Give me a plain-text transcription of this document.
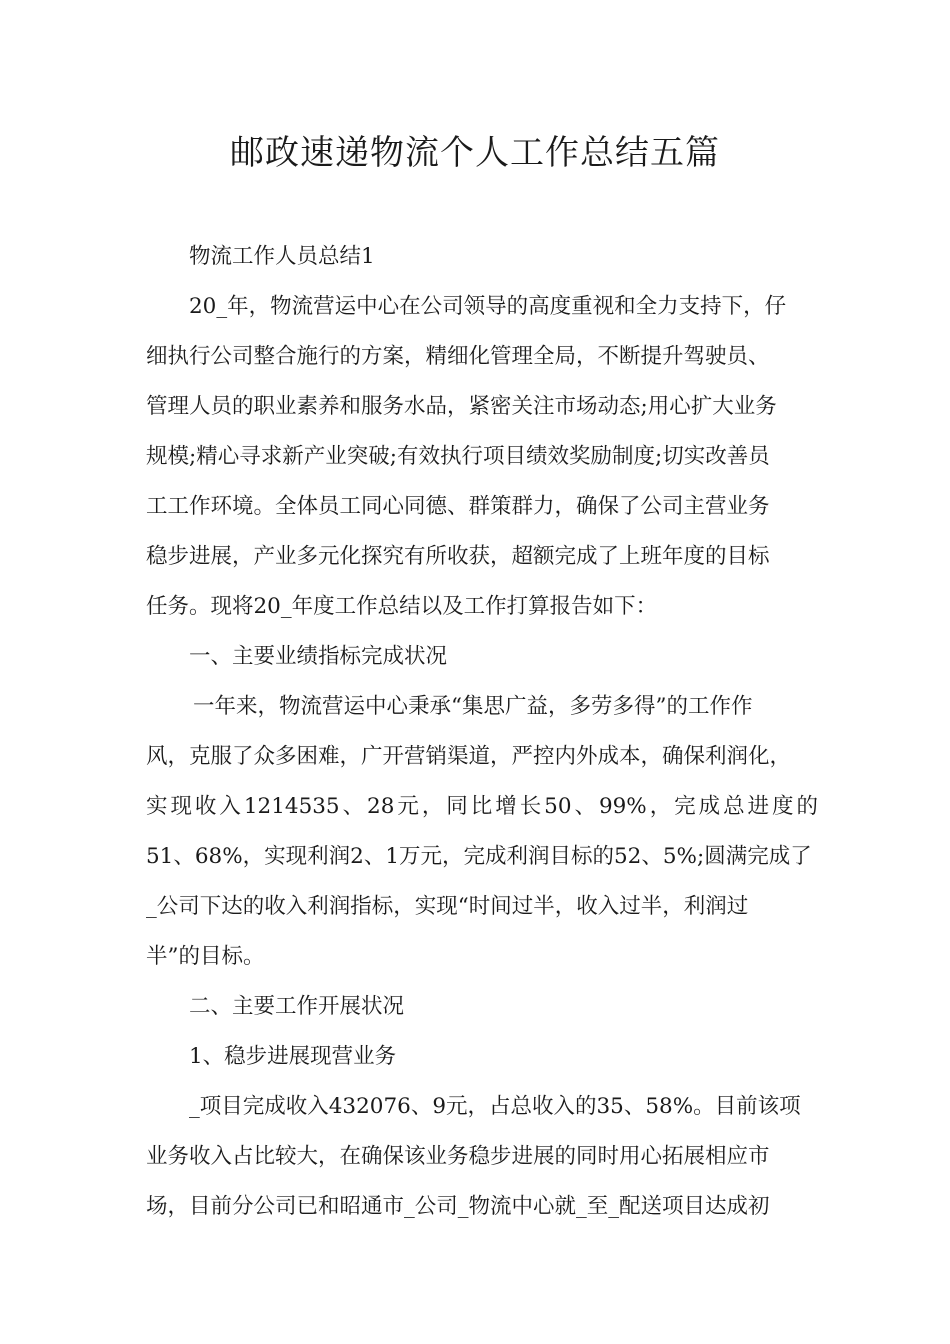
邮政速递物流个人工作总结五篇
物流工作人员总结1
20_年，物流营运中心在公司领导的高度重视和全力支持下，仔
细执行公司整合施行的方案，精细化管理全局，不断提升驾驶员、
管理人员的职业素养和服务水品，紧密关注市场动态;用心扩大业务
规模;精心寻求新产业突破;有效执行项目绩效奖励制度;切实改善员
工工作环境。全体员工同心同德、群策群力，确保了公司主营业务
稳步进展，产业多元化探究有所收获，超额完成了上班年度的目标
任务。现将20_年度工作总结以及工作打算报告如下：
一、主要业绩指标完成状况
一年来，物流营运中心秉承“集思广益，多劳多得”的工作作
风，克服了众多困难，广开营销渠道，严控内外成本，确保利润化，
实现收入1214535、28元，同比增长50、99%，完成总进度的
51、68%，实现利润2、1万元，完成利润目标的52、5%;圆满完成了
_公司下达的收入利润指标，实现“时间过半，收入过半，利润过
半”的目标。
二、主要工作开展状况
1、稳步进展现营业务
_项目完成收入432076、9元，占总收入的35、58%。目前该项
业务收入占比较大，在确保该业务稳步进展的同时用心拓展相应市
场，目前分公司已和昭通市_公司_物流中心就_至_配送项目达成初
